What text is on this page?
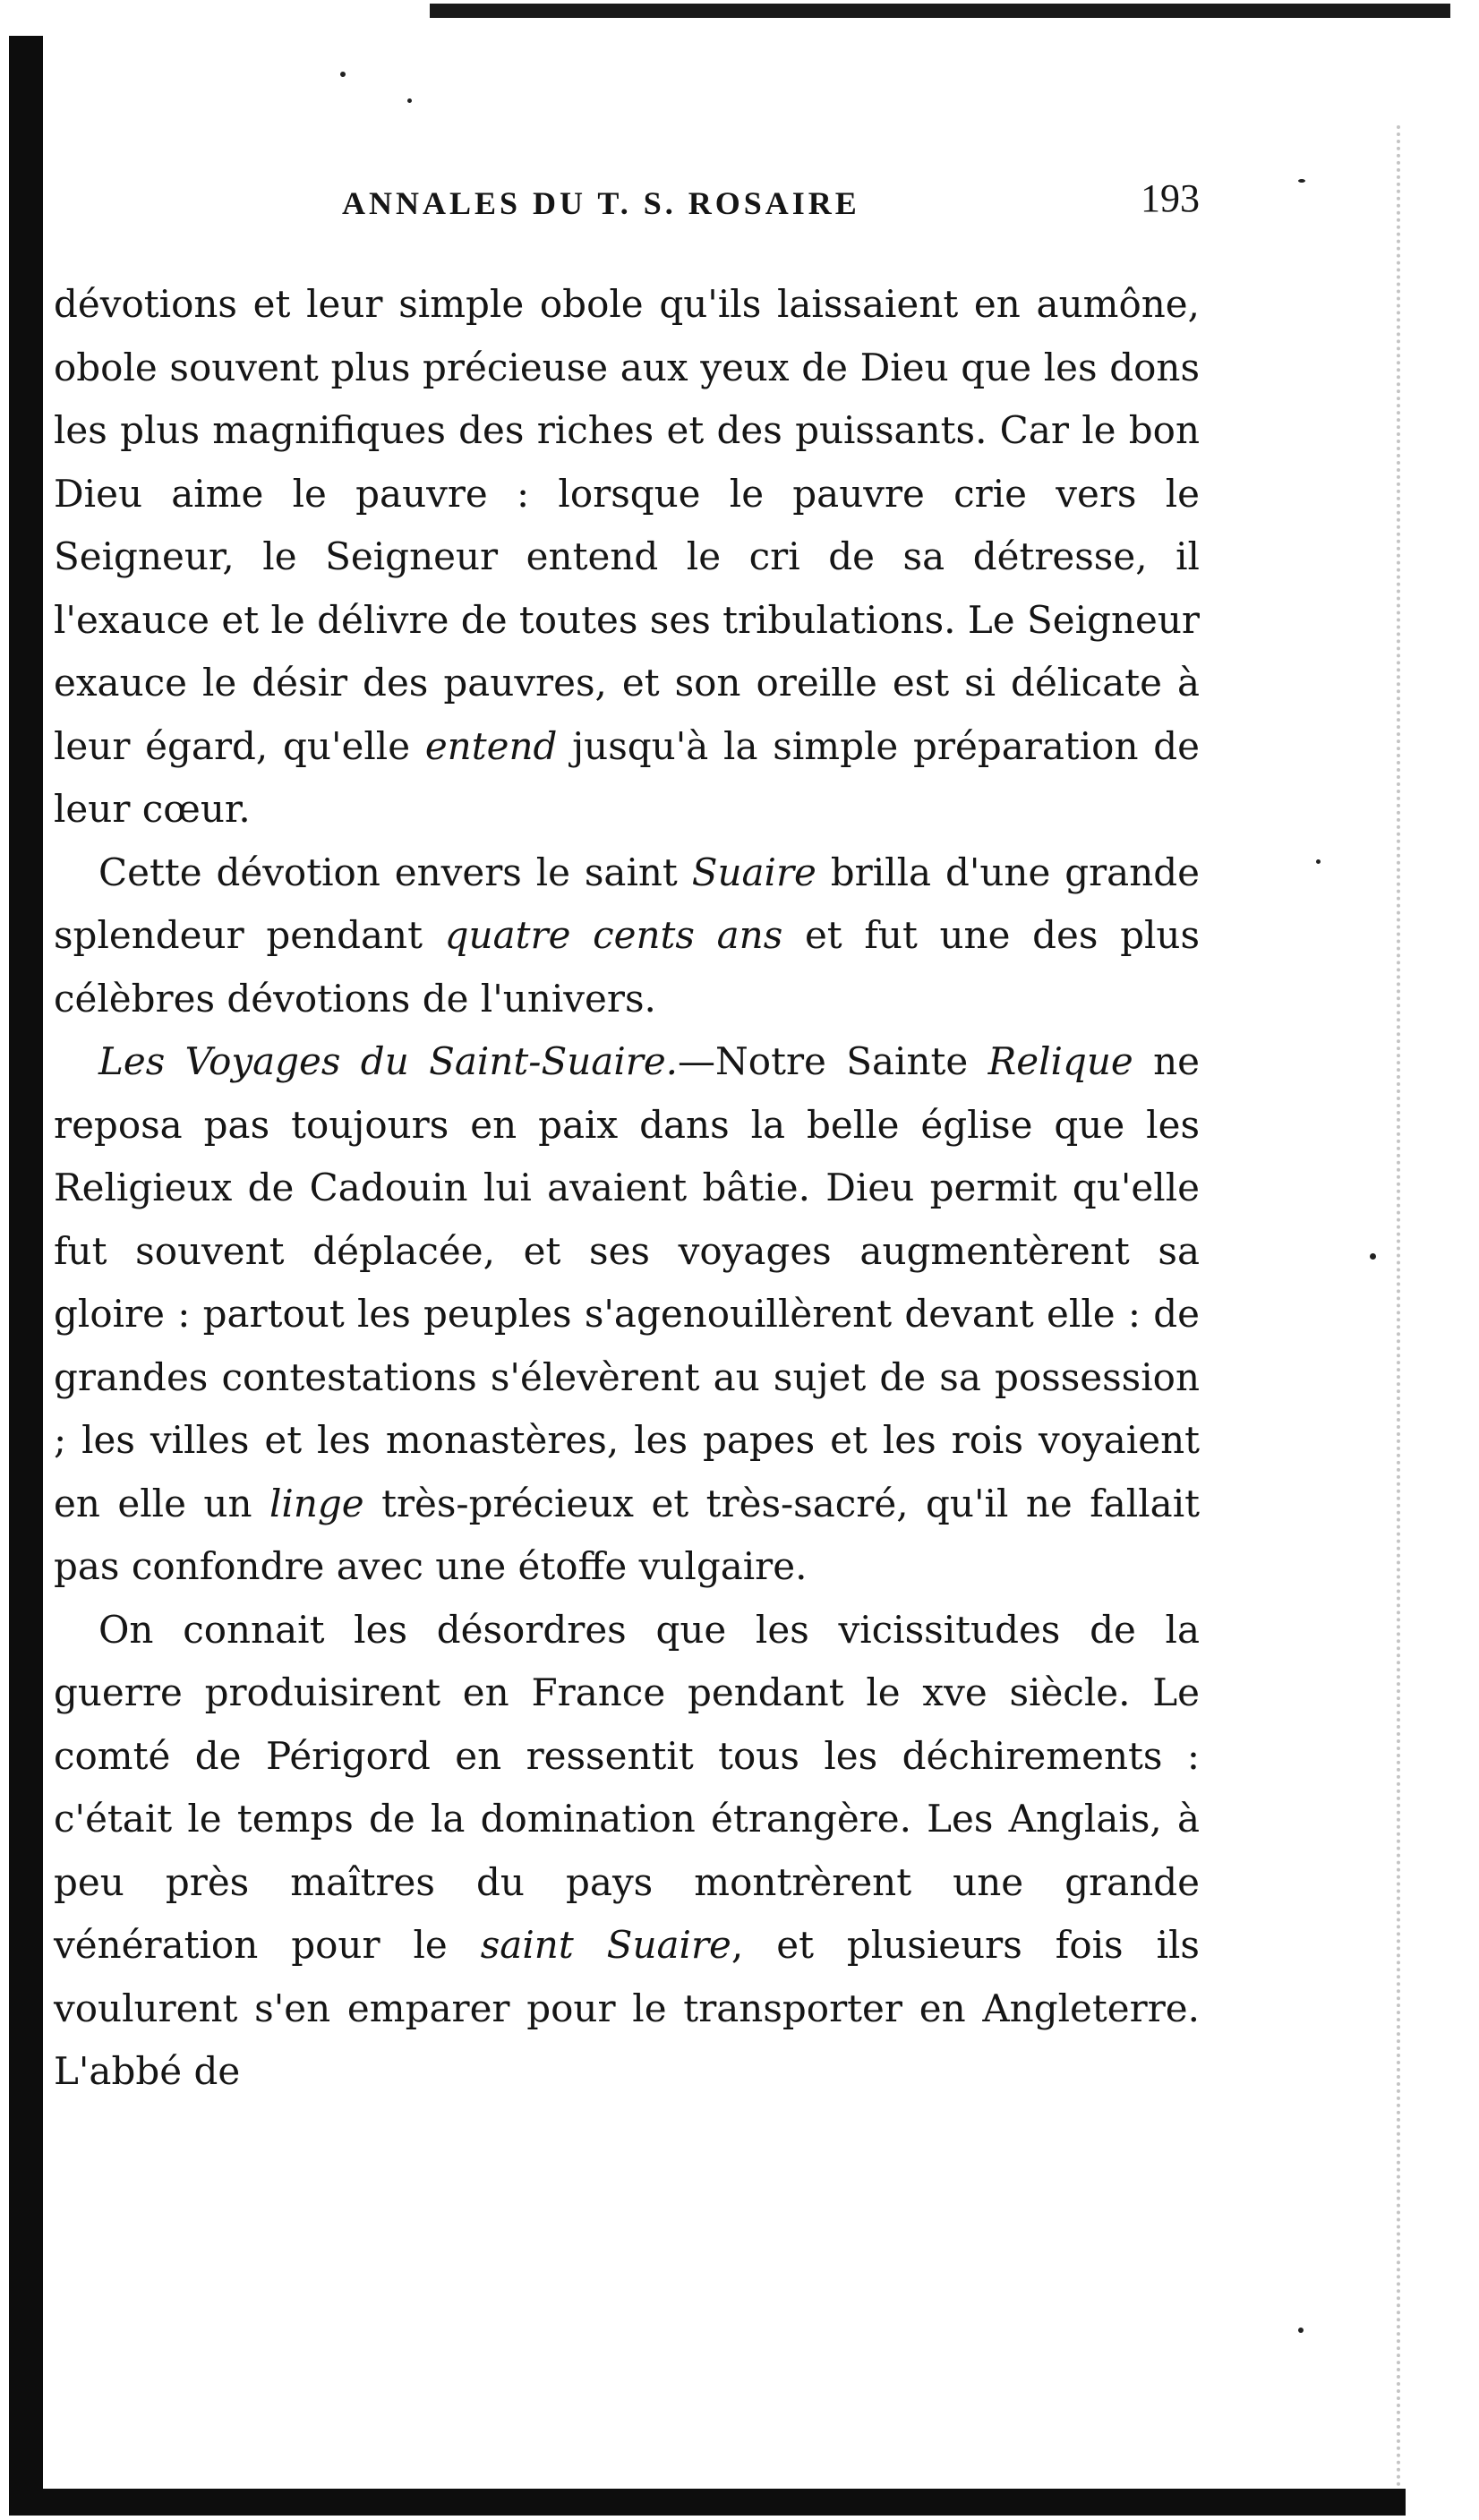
ANNALES DU T. S. ROSAIRE	193

dévotions et leur simple obole qu'ils laissaient en aumône, obole souvent plus précieuse aux yeux de Dieu que les dons les plus magnifiques des riches et des puissants. Car le bon Dieu aime le pauvre : lorsque le pauvre crie vers le Seigneur, le Seigneur entend le cri de sa détresse, il l'exauce et le délivre de toutes ses tribulations. Le Seigneur exauce le désir des pauvres, et son oreille est si délicate à leur égard, qu'elle entend jusqu'à la simple préparation de leur cœur.

Cette dévotion envers le saint Suaire brilla d'une grande splendeur pendant quatre cents ans et fut une des plus célèbres dévotions de l'univers.

Les Voyages du Saint-Suaire.—Notre Sainte Relique ne reposa pas toujours en paix dans la belle église que les Religieux de Cadouin lui avaient bâtie. Dieu permit qu'elle fut souvent déplacée, et ses voyages augmentèrent sa gloire : partout les peuples s'agenouillèrent devant elle : de grandes contestations s'élevèrent au sujet de sa possession ; les villes et les monastères, les papes et les rois voyaient en elle un linge très-précieux et très-sacré, qu'il ne fallait pas confondre avec une étoffe vulgaire.

On connait les désordres que les vicissitudes de la guerre produisirent en France pendant le xve siècle. Le comté de Périgord en ressentit tous les déchirements : c'était le temps de la domination étrangère. Les Anglais, à peu près maîtres du pays montrèrent une grande vénération pour le saint Suaire, et plusieurs fois ils voulurent s'en emparer pour le transporter en Angleterre. L'abbé de
